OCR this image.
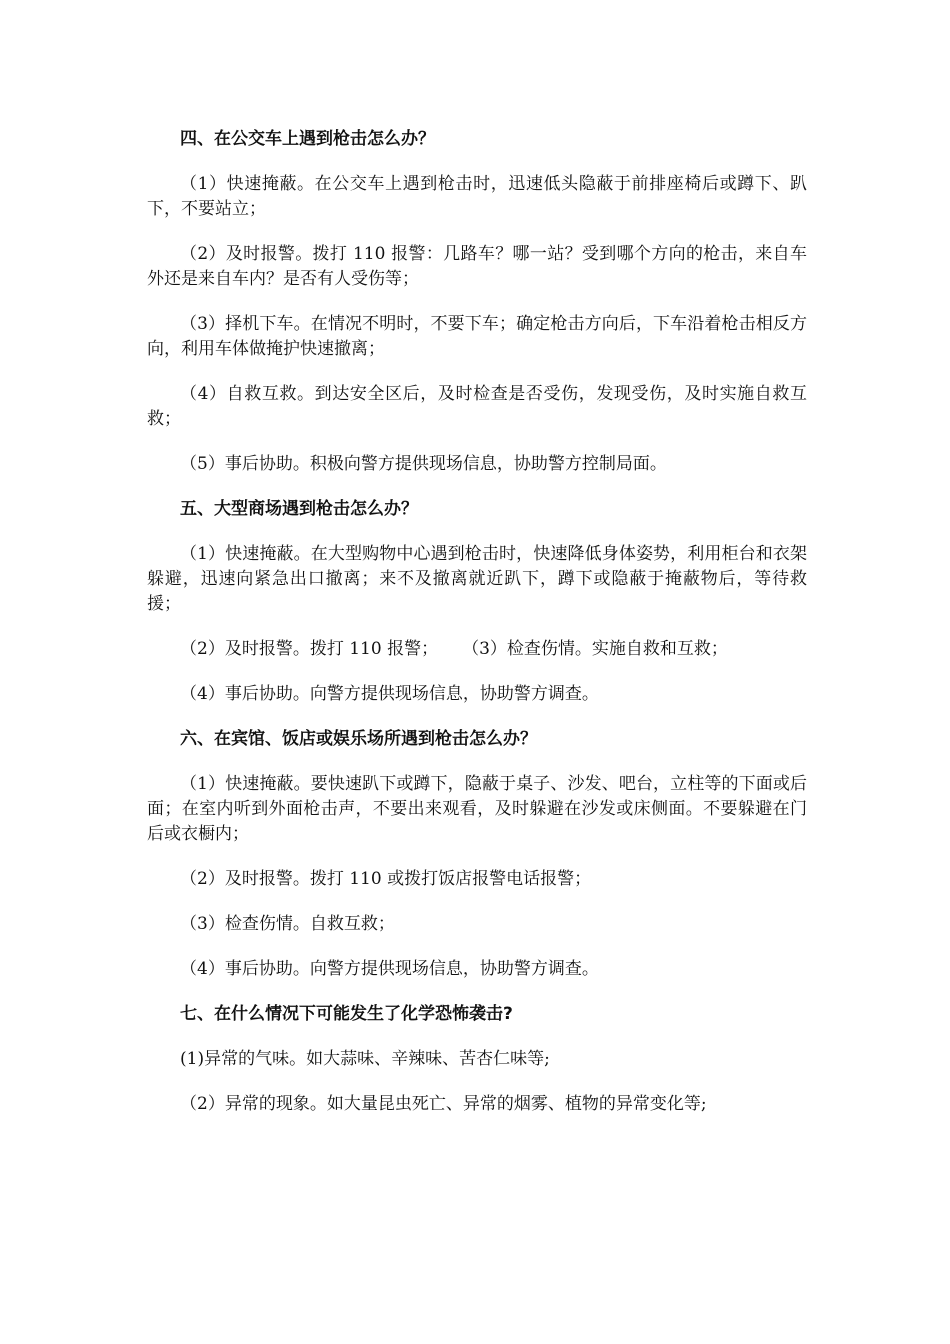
四、在公交车上遇到枪击怎么办？

（1）快速掩蔽。在公交车上遇到枪击时，迅速低头隐蔽于前排座椅后或蹲下、趴下，不要站立；

（2）及时报警。拨打 110 报警：几路车？哪一站？受到哪个方向的枪击，来自车外还是来自车内？是否有人受伤等；

（3）择机下车。在情况不明时，不要下车；确定枪击方向后，下车沿着枪击相反方向，利用车体做掩护快速撤离；

（4）自救互救。到达安全区后，及时检查是否受伤，发现受伤，及时实施自救互救；

（5）事后协助。积极向警方提供现场信息，协助警方控制局面。

五、大型商场遇到枪击怎么办？

（1）快速掩蔽。在大型购物中心遇到枪击时，快速降低身体姿势，利用柜台和衣架躲避，迅速向紧急出口撤离；来不及撤离就近趴下，蹲下或隐蔽于掩蔽物后，等待救援；

（2）及时报警。拨打 110 报警； （3）检查伤情。实施自救和互救；

（4）事后协助。向警方提供现场信息，协助警方调查。

六、在宾馆、饭店或娱乐场所遇到枪击怎么办？

（1）快速掩蔽。要快速趴下或蹲下，隐蔽于桌子、沙发、吧台，立柱等的下面或后面；在室内听到外面枪击声，不要出来观看，及时躲避在沙发或床侧面。不要躲避在门后或衣橱内；

（2）及时报警。拨打 110 或拨打饭店报警电话报警；

（3）检查伤情。自救互救；

（4）事后协助。向警方提供现场信息，协助警方调查。

七、在什么情况下可能发生了化学恐怖袭击?

(1)异常的气味。如大蒜味、辛辣味、苦杏仁味等;

（2）异常的现象。如大量昆虫死亡、异常的烟雾、植物的异常变化等;
